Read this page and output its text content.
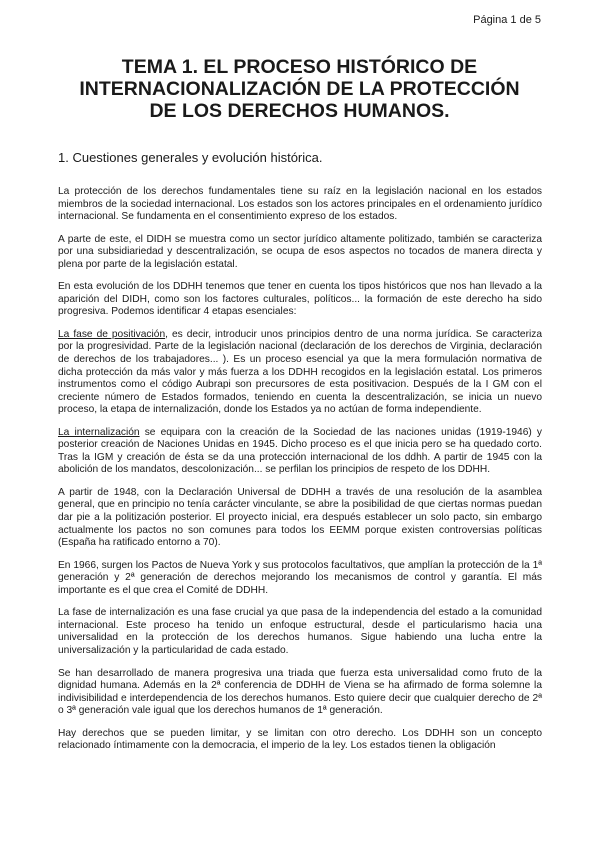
Página 1 de 5
TEMA 1. EL PROCESO HISTÓRICO DE
INTERNACIONALIZACIÓN DE LA PROTECCIÓN
DE LOS DERECHOS HUMANOS.
1. Cuestiones generales y evolución histórica.

La protección de los derechos fundamentales tiene su raíz en la legislación nacional en los estados miembros de la sociedad internacional. Los estados son los actores principales en el ordenamiento jurídico internacional. Se fundamenta en el consentimiento expreso de los estados.

A parte de este, el DIDH se muestra como un sector jurídico altamente politizado, también se caracteriza por una subsidiariedad y descentralización, se ocupa de esos aspectos no tocados de manera directa y plena por parte de la legislación estatal.

En esta evolución de los DDHH tenemos que tener en cuenta los tipos históricos que nos han llevado a la aparición del DIDH, como son los factores culturales, políticos... la formación de este derecho ha sido progresiva. Podemos identificar 4 etapas esenciales:

La fase de positivación, es decir, introducir unos principios dentro de una norma jurídica. Se caracteriza por la progresividad. Parte de la legislación nacional (declaración de los derechos de Virginia, declaración de derechos de los trabajadores... ). Es un proceso esencial ya que la mera formulación normativa de dicha protección da más valor y más fuerza a los DDHH recogidos en la legislación estatal. Los primeros instrumentos como el código Aubrapi son precursores de esta positivacion. Después de la I GM con el creciente número de Estados formados, teniendo en cuenta la descentralización, se inicia un nuevo proceso, la etapa de internalización, donde los Estados ya no actúan de forma independiente.

La internalización se equipara con la creación de la Sociedad de las naciones unidas (1919-1946) y posterior creación de Naciones Unidas en 1945. Dicho proceso es el que inicia pero se ha quedado corto. Tras la IGM y creación de ésta se da una protección internacional de los ddhh. A partir de 1945 con la abolición de los mandatos, descolonización... se perfilan los principios de respeto de los DDHH.

A partir de 1948, con la Declaración Universal de DDHH a través de una resolución de la asamblea general, que en principio no tenía carácter vinculante, se abre la posibilidad de que ciertas normas puedan dar pie a la politización posterior. El proyecto inicial, era después establecer un solo pacto, sin embargo actualmente los pactos no son comunes para todos los EEMM porque existen controversias políticas (España ha ratificado entorno a 70).

En 1966, surgen los Pactos de Nueva York y sus protocolos facultativos, que amplían la protección de la 1ª generación y 2ª generación de derechos mejorando los mecanismos de control y garantía. El más importante es el que crea el Comité de DDHH.

La fase de internalización es una fase crucial ya que pasa de la independencia del estado a la comunidad internacional. Este proceso ha tenido un enfoque estructural, desde el particularismo hacia una universalidad en la protección de los derechos humanos. Sigue habiendo una lucha entre la universalización y la particularidad de cada estado.

Se han desarrollado de manera progresiva una triada que fuerza esta universalidad como fruto de la dignidad humana. Además en la 2ª conferencia de DDHH de Viena se ha afirmado de forma solemne la indivisibilidad e interdependencia de los derechos humanos. Esto quiere decir que cualquier derecho de 2ª o 3ª generación vale igual que los derechos humanos de 1ª generación.

Hay derechos que se pueden limitar, y se limitan con otro derecho. Los DDHH son un concepto relacionado íntimamente con la democracia, el imperio de la ley. Los estados tienen la obligación
